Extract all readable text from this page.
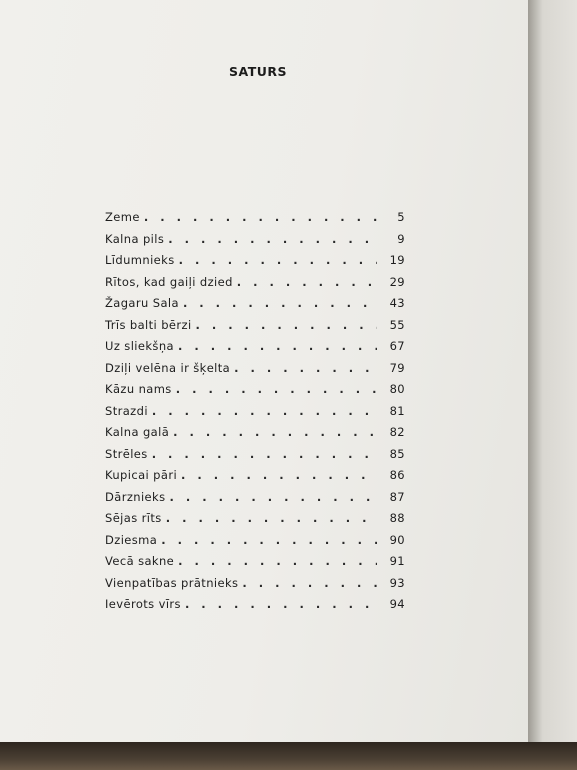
SATURS
Zeme . . .	5
Kalna pils . . .	9
Līdumnieks . . .	19
Rītos, kad gaiļi dzied . . .	29
Žagaru Sala . . .	43
Trīs balti bērzi . . .	55
Uz sliekšņa . . .	67
Dziļi velēna ir šķelta . . .	79
Kāzu nams . . .	80
Strazdi . . .	81
Kalna galā . . .	82
Strēles . . .	85
Kupicai pāri . . .	86
Dārznieks . . .	87
Sējas rīts . . .	88
Dziesma . . .	90
Vecā sakne . . .	91
Vienpatības prātnieks . . .	93
Ievērots vīrs . . .	94
